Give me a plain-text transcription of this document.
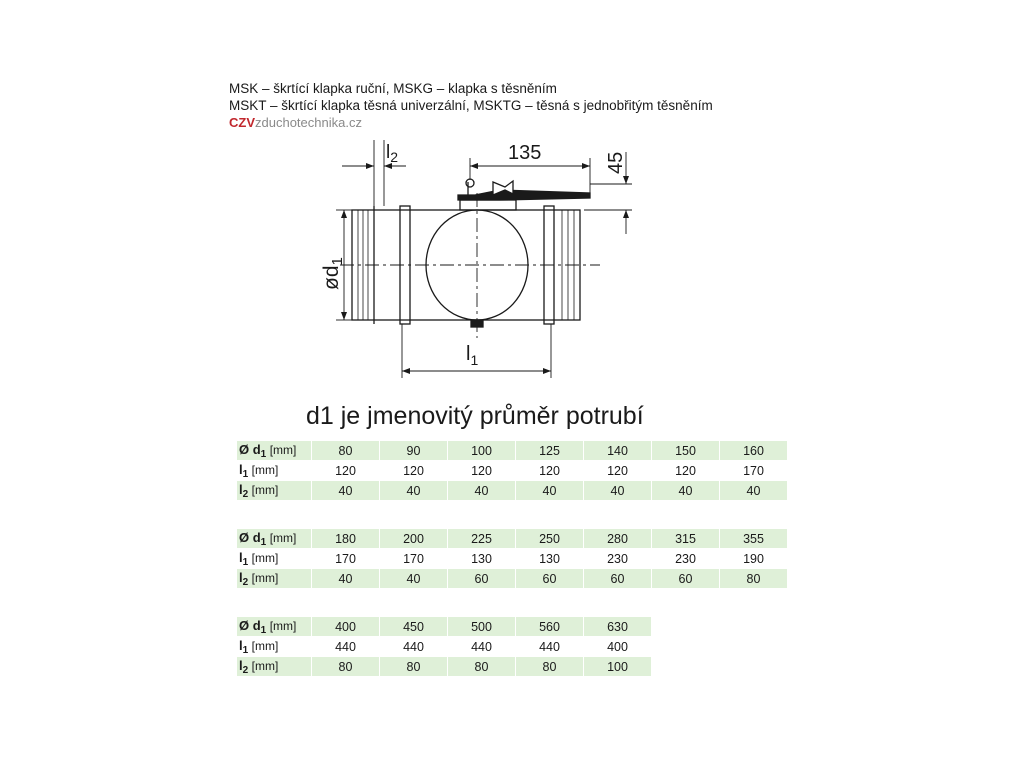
MSK – škrtící klapka ruční, MSKG – klapka s těsněním
MSKT – škrtící klapka těsná univerzální, MSKTG – těsná s jednobřitým těsněním
CZVzduchotechnika.cz
$l_2$	135	45
ød1
$l_1$
d1 je jmenovitý průměr potrubí
Ø $d_1$ [mm]	80	90	100	125	140	150	160
$l_1$ [mm]	120	120	120	120	120	120	170
$l_2$ [mm]	40	40	40	40	40	40	40
Ø $d_1$ [mm]	180	200	225	250	280	315	355
$l_1$ [mm]	170	170	130	130	230	230	190
$l_2$ [mm]	40	40	60	60	60	60	80
Ø $d_1$ [mm]	400	450	500	560	630
$l_1$ [mm]	440	440	440	440	400
$l_2$ [mm]	80	80	80	80	100
